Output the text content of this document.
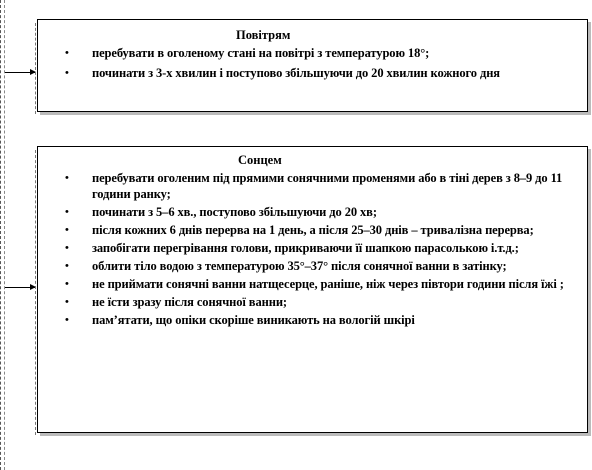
Повітрям
• перебувати в оголеному стані на повітрі з температурою 18°;
• починати з 3-х хвилин і поступово збільшуючи до 20 хвилин кожного дня
Сонцем
• перебувати оголеним під прямими сонячними променями або в тіні дерев з 8–9 до 11 години ранку;
• починати з 5–6 хв., поступово збільшуючи до 20 хв;
• після кожних 6 днів перерва на 1 день, а після 25–30 днів – тривалізна перерва;
• запобігати перегрівання голови, прикриваючи її шапкою парасолькою і.т.д.;
• облити тіло водою з температурою 35°–37° після сонячної ванни в затінку;
• не приймати сонячні ванни натщесерце, раніше, ніж через півтори години після їжі ;
• не їсти зразу після сонячної ванни;
• пам’ятати, що опіки скоріше виникають на вологій шкірі
